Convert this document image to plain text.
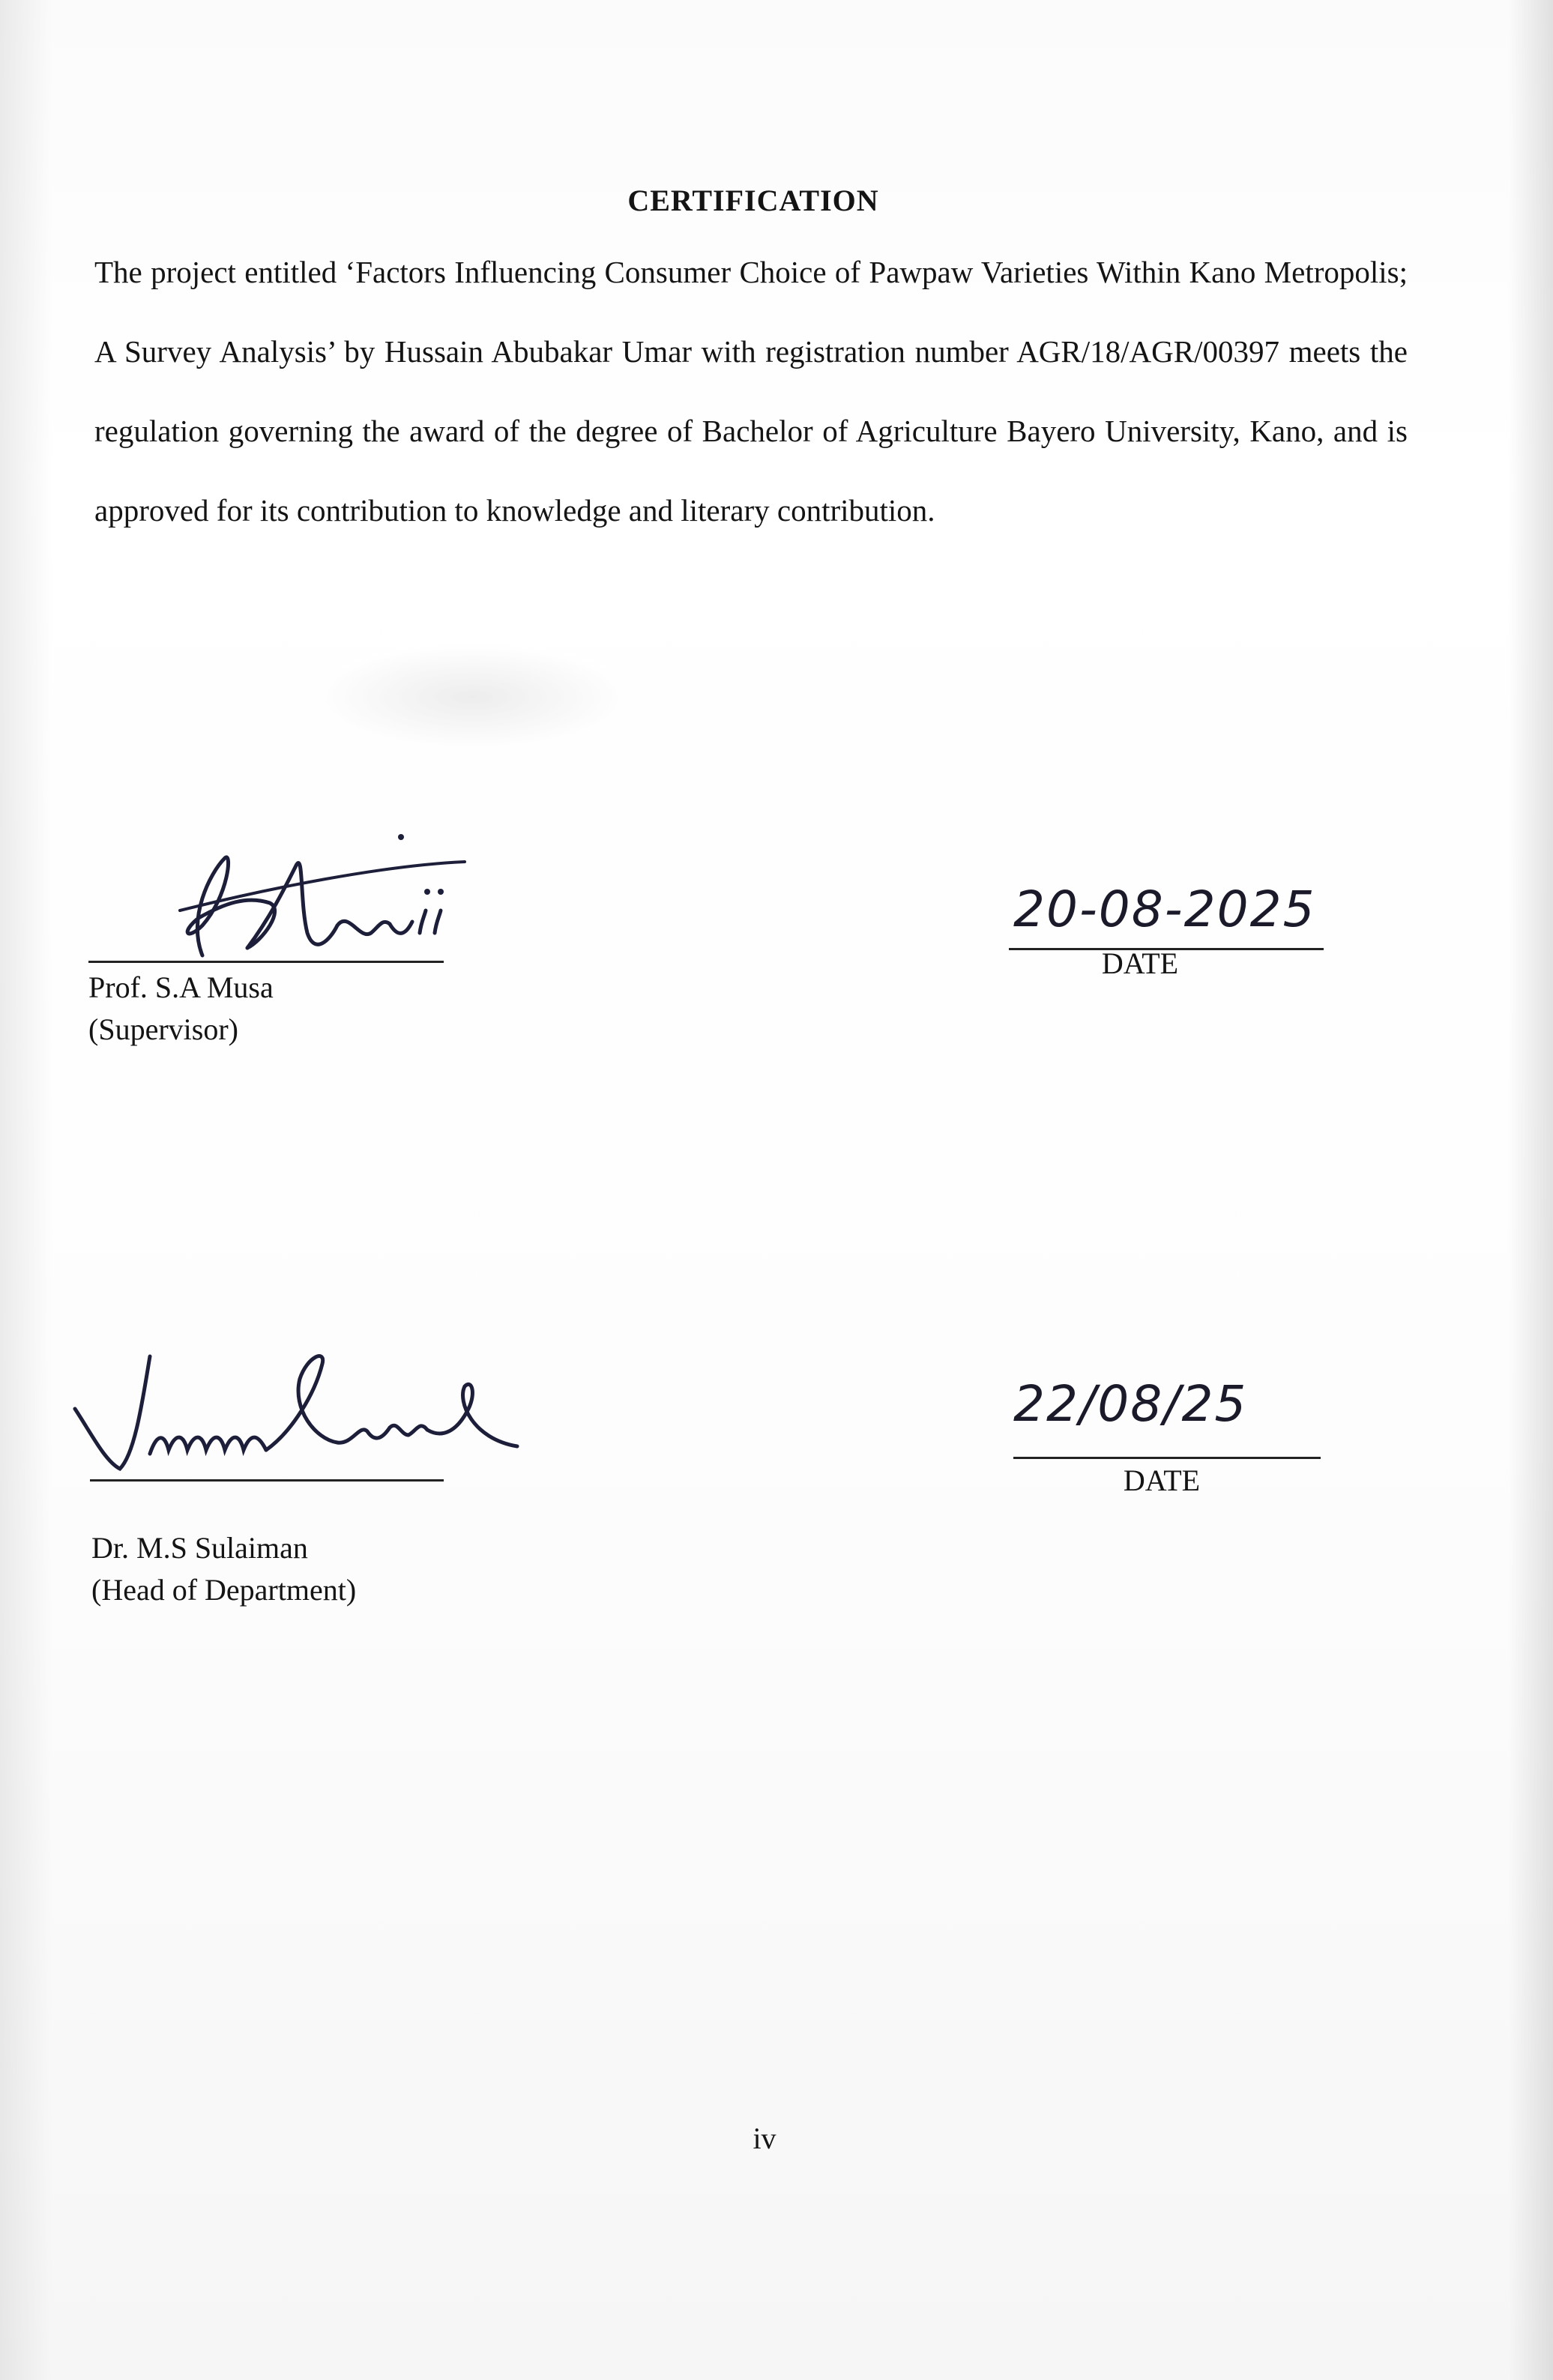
CERTIFICATION

The project entitled ‘Factors Influencing Consumer Choice of Pawpaw Varieties Within Kano Metropolis; A Survey Analysis’ by Hussain Abubakar Umar with registration number AGR/18/AGR/00397 meets the regulation governing the award of the degree of Bachelor of Agriculture Bayero University, Kano, and is approved for its contribution to knowledge and literary contribution.

Prof. S.A Musa

(Supervisor)

20-08-2025

DATE

Dr. M.S Sulaiman

(Head of Department)

22/08/25

DATE

iv
